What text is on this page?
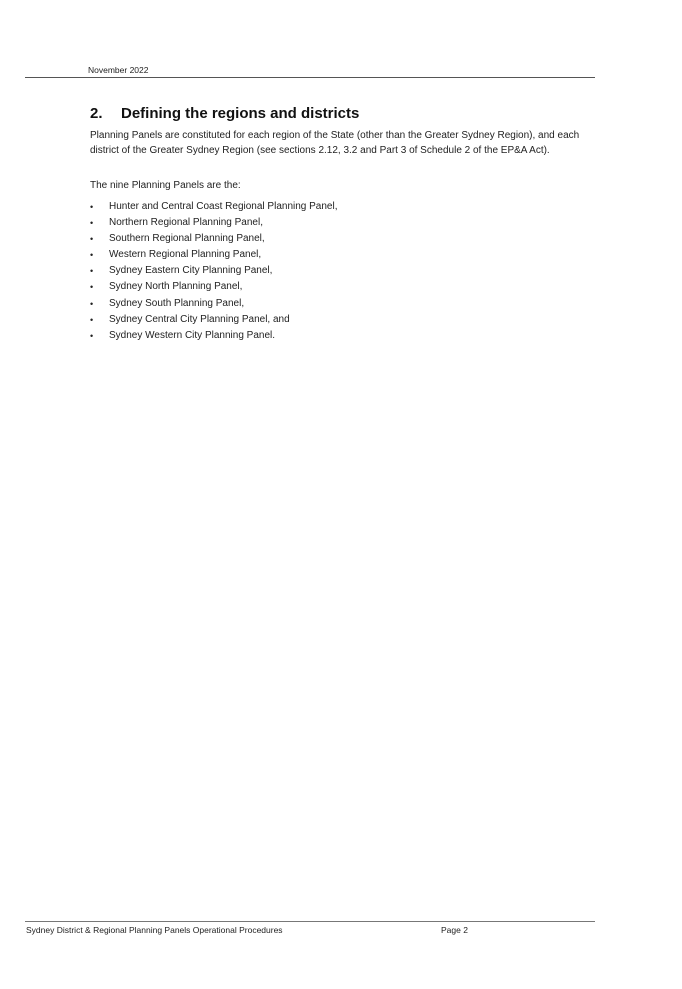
November 2022
2. Defining the regions and districts

Planning Panels are constituted for each region of the State (other than the Greater Sydney Region), and each district of the Greater Sydney Region (see sections 2.12, 3.2 and Part 3 of Schedule 2 of the EP&A Act).

The nine Planning Panels are the:

•	Hunter and Central Coast Regional Planning Panel,
•	Northern Regional Planning Panel,
•	Southern Regional Planning Panel,
•	Western Regional Planning Panel,
•	Sydney Eastern City Planning Panel,
•	Sydney North Planning Panel,
•	Sydney South Planning Panel,
•	Sydney Central City Planning Panel, and
•	Sydney Western City Planning Panel.
Sydney District & Regional Planning Panels Operational Procedures	Page 2
